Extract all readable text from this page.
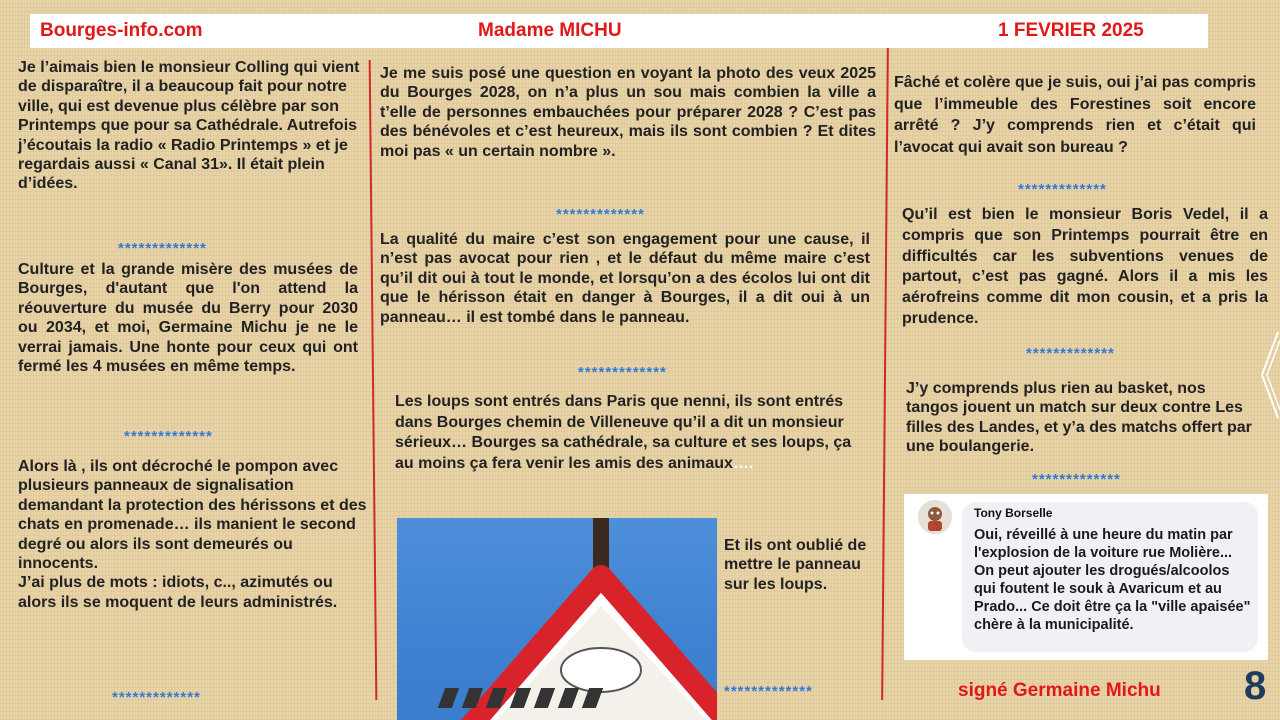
Bourges-info.com	Madame MICHU	1 FEVRIER 2025
Je l’aimais bien le monsieur Colling qui vient de disparaître, il a beaucoup fait pour notre ville, qui est devenue plus célèbre par son Printemps que pour sa Cathédrale. Autrefois j’écoutais la radio « Radio Printemps » et je regardais aussi « Canal 31». Il était plein d’idées.
*************
Culture et la grande misère des musées de Bourges, d'autant que l'on attend la réouverture du musée du Berry pour 2030 ou 2034, et moi, Germaine Michu je ne le verrai jamais. Une honte pour ceux qui ont fermé les 4 musées en même temps.
*************
Alors là , ils ont décroché le pompon avec plusieurs panneaux de signalisation demandant la protection des hérissons et des chats en promenade… ils manient le second degré ou alors ils sont demeurés ou innocents.
J’ai plus de mots : idiots, c.., azimutés ou alors ils se moquent de leurs administrés.
*************
Je me suis posé une question en voyant la photo des veux 2025 du Bourges 2028, on n’a plus un sou mais combien la ville a t’elle de personnes embauchées pour préparer 2028 ? C’est pas des bénévoles et c’est heureux, mais ils sont combien ? Et dites moi pas « un certain nombre ».
*************
La qualité du maire c’est son engagement pour une cause, il n’est pas avocat pour rien , et le défaut du même maire c’est qu’il dit oui à tout le monde, et lorsqu’on a des écolos lui ont dit que le hérisson était en danger à Bourges, il a dit oui à un panneau… il est tombé dans le panneau.
*************
Les loups sont entrés dans Paris que nenni, ils sont entrés dans Bourges chemin de Villeneuve qu’il a dit un monsieur sérieux… Bourges sa cathédrale, sa culture et ses loups, ça au moins ça fera venir les amis des animaux….
Et ils ont oublié de mettre le panneau sur les loups.
*************
Fâché et colère que je suis, oui j’ai pas compris que l’immeuble des Forestines soit encore arrêté ? J’y comprends rien et c’était qui l’avocat qui avait son bureau ?
*************
Qu’il est bien le monsieur Boris Vedel, il a compris que son Printemps pourrait être en difficultés car les subventions venues de partout, c’est pas gagné. Alors il a mis les aérofreins comme dit mon cousin, et a pris la prudence.
*************
J’y comprends plus rien au basket, nos tangos jouent un match sur deux contre Les filles des Landes, et y’a des matchs offert par une boulangerie.
*************
Tony Borselle
Oui, réveillé à une heure du matin par l'explosion de la voiture rue Molière... On peut ajouter les drogués/alcoolos qui foutent le souk à Avaricum et au Prado... Ce doit être ça la "ville apaisée" chère à la municipalité.
signé Germaine Michu 8
